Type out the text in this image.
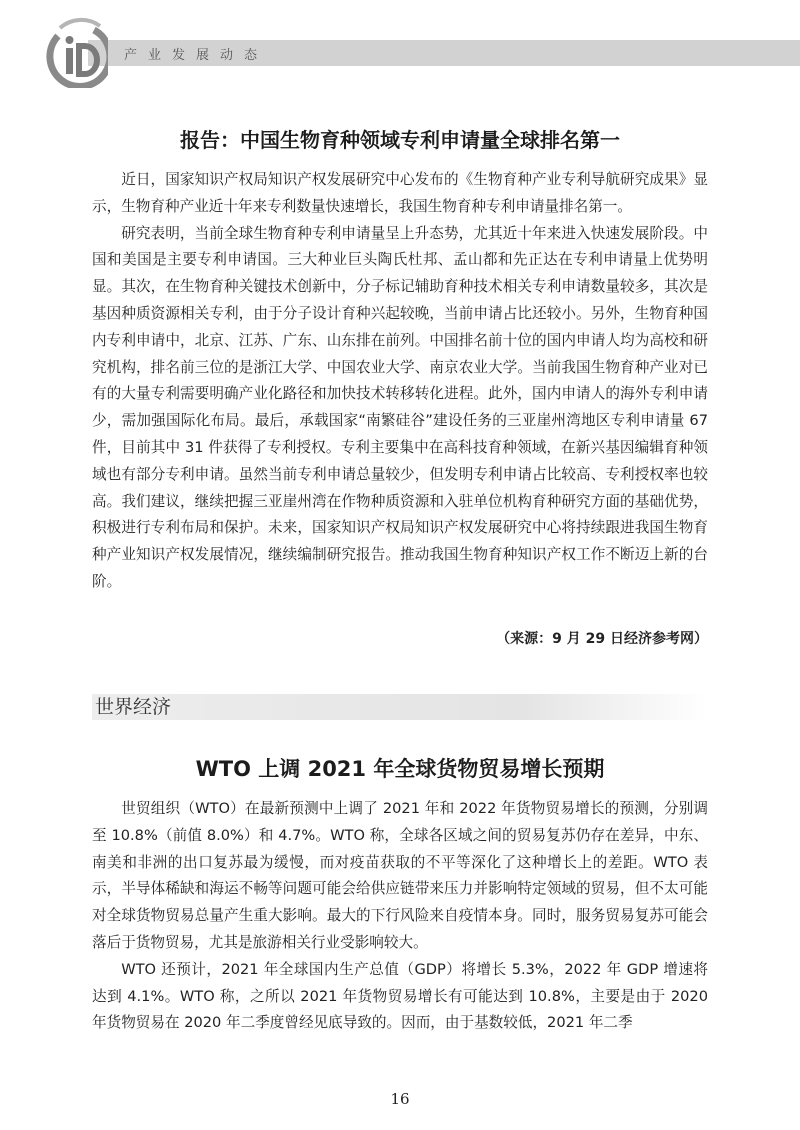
产业发展动态
报告：中国生物育种领域专利申请量全球排名第一

近日，国家知识产权局知识产权发展研究中心发布的《生物育种产业专利导航研究成果》显示，生物育种产业近十年来专利数量快速增长，我国生物育种专利申请量排名第一。

研究表明，当前全球生物育种专利申请量呈上升态势，尤其近十年来进入快速发展阶段。中国和美国是主要专利申请国。三大种业巨头陶氏杜邦、孟山都和先正达在专利申请量上优势明显。其次，在生物育种关键技术创新中，分子标记辅助育种技术相关专利申请数量较多，其次是基因种质资源相关专利，由于分子设计育种兴起较晚，当前申请占比还较小。另外，生物育种国内专利申请中，北京、江苏、广东、山东排在前列。中国排名前十位的国内申请人均为高校和研究机构，排名前三位的是浙江大学、中国农业大学、南京农业大学。当前我国生物育种产业对已有的大量专利需要明确产业化路径和加快技术转移转化进程。此外，国内申请人的海外专利申请少，需加强国际化布局。最后，承载国家“南繁硅谷”建设任务的三亚崖州湾地区专利申请量 67 件，目前其中 31 件获得了专利授权。专利主要集中在高科技育种领域，在新兴基因编辑育种领域也有部分专利申请。虽然当前专利申请总量较少，但发明专利申请占比较高、专利授权率也较高。我们建议，继续把握三亚崖州湾在作物种质资源和入驻单位机构育种研究方面的基础优势，积极进行专利布局和保护。未来，国家知识产权局知识产权发展研究中心将持续跟进我国生物育种产业知识产权发展情况，继续编制研究报告。推动我国生物育种知识产权工作不断迈上新的台阶。

（来源：9 月 29 日经济参考网）
世界经济
WTO 上调 2021 年全球货物贸易增长预期

世贸组织（WTO）在最新预测中上调了 2021 年和 2022 年货物贸易增长的预测，分别调至 10.8%（前值 8.0%）和 4.7%。WTO 称，全球各区域之间的贸易复苏仍存在差异，中东、南美和非洲的出口复苏最为缓慢，而对疫苗获取的不平等深化了这种增长上的差距。WTO 表示，半导体稀缺和海运不畅等问题可能会给供应链带来压力并影响特定领域的贸易，但不太可能对全球货物贸易总量产生重大影响。最大的下行风险来自疫情本身。同时，服务贸易复苏可能会落后于货物贸易，尤其是旅游相关行业受影响较大。

WTO 还预计，2021 年全球国内生产总值（GDP）将增长 5.3%，2022 年 GDP 增速将达到 4.1%。WTO 称，之所以 2021 年货物贸易增长有可能达到 10.8%，主要是由于 2020 年货物贸易在 2020 年二季度曾经见底导致的。因而，由于基数较低，2021 年二季

16
